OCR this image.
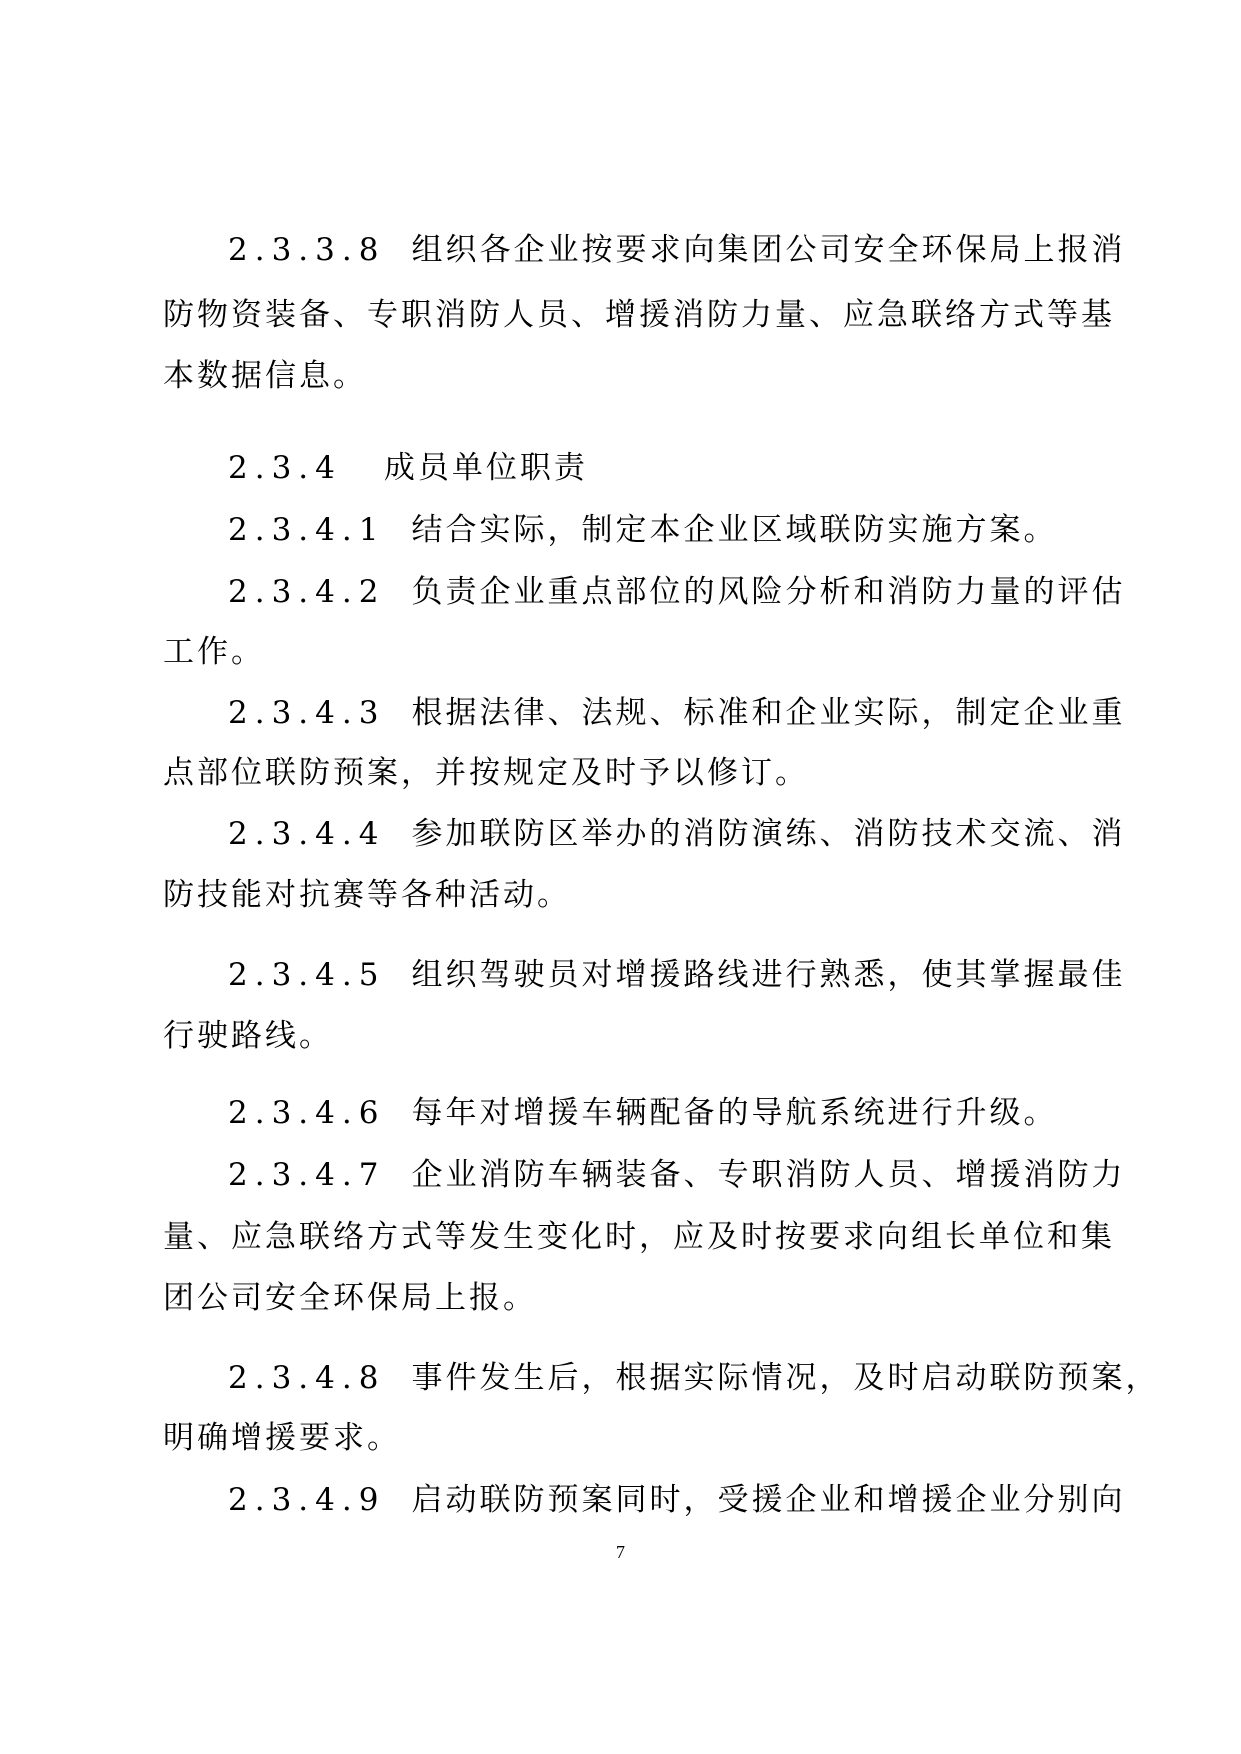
2.3.3.8 组织各企业按要求向集团公司安全环保局上报消
防物资装备、专职消防人员、增援消防力量、应急联络方式等基
本数据信息。
2.3.4 成员单位职责
2.3.4.1 结合实际，制定本企业区域联防实施方案。
2.3.4.2 负责企业重点部位的风险分析和消防力量的评估
工作。
2.3.4.3 根据法律、法规、标准和企业实际，制定企业重
点部位联防预案，并按规定及时予以修订。
2.3.4.4 参加联防区举办的消防演练、消防技术交流、消
防技能对抗赛等各种活动。
2.3.4.5 组织驾驶员对增援路线进行熟悉，使其掌握最佳
行驶路线。
2.3.4.6 每年对增援车辆配备的导航系统进行升级。
2.3.4.7 企业消防车辆装备、专职消防人员、增援消防力
量、应急联络方式等发生变化时，应及时按要求向组长单位和集
团公司安全环保局上报。
2.3.4.8 事件发生后，根据实际情况，及时启动联防预案，
明确增援要求。
2.3.4.9 启动联防预案同时，受援企业和增援企业分别向
7
